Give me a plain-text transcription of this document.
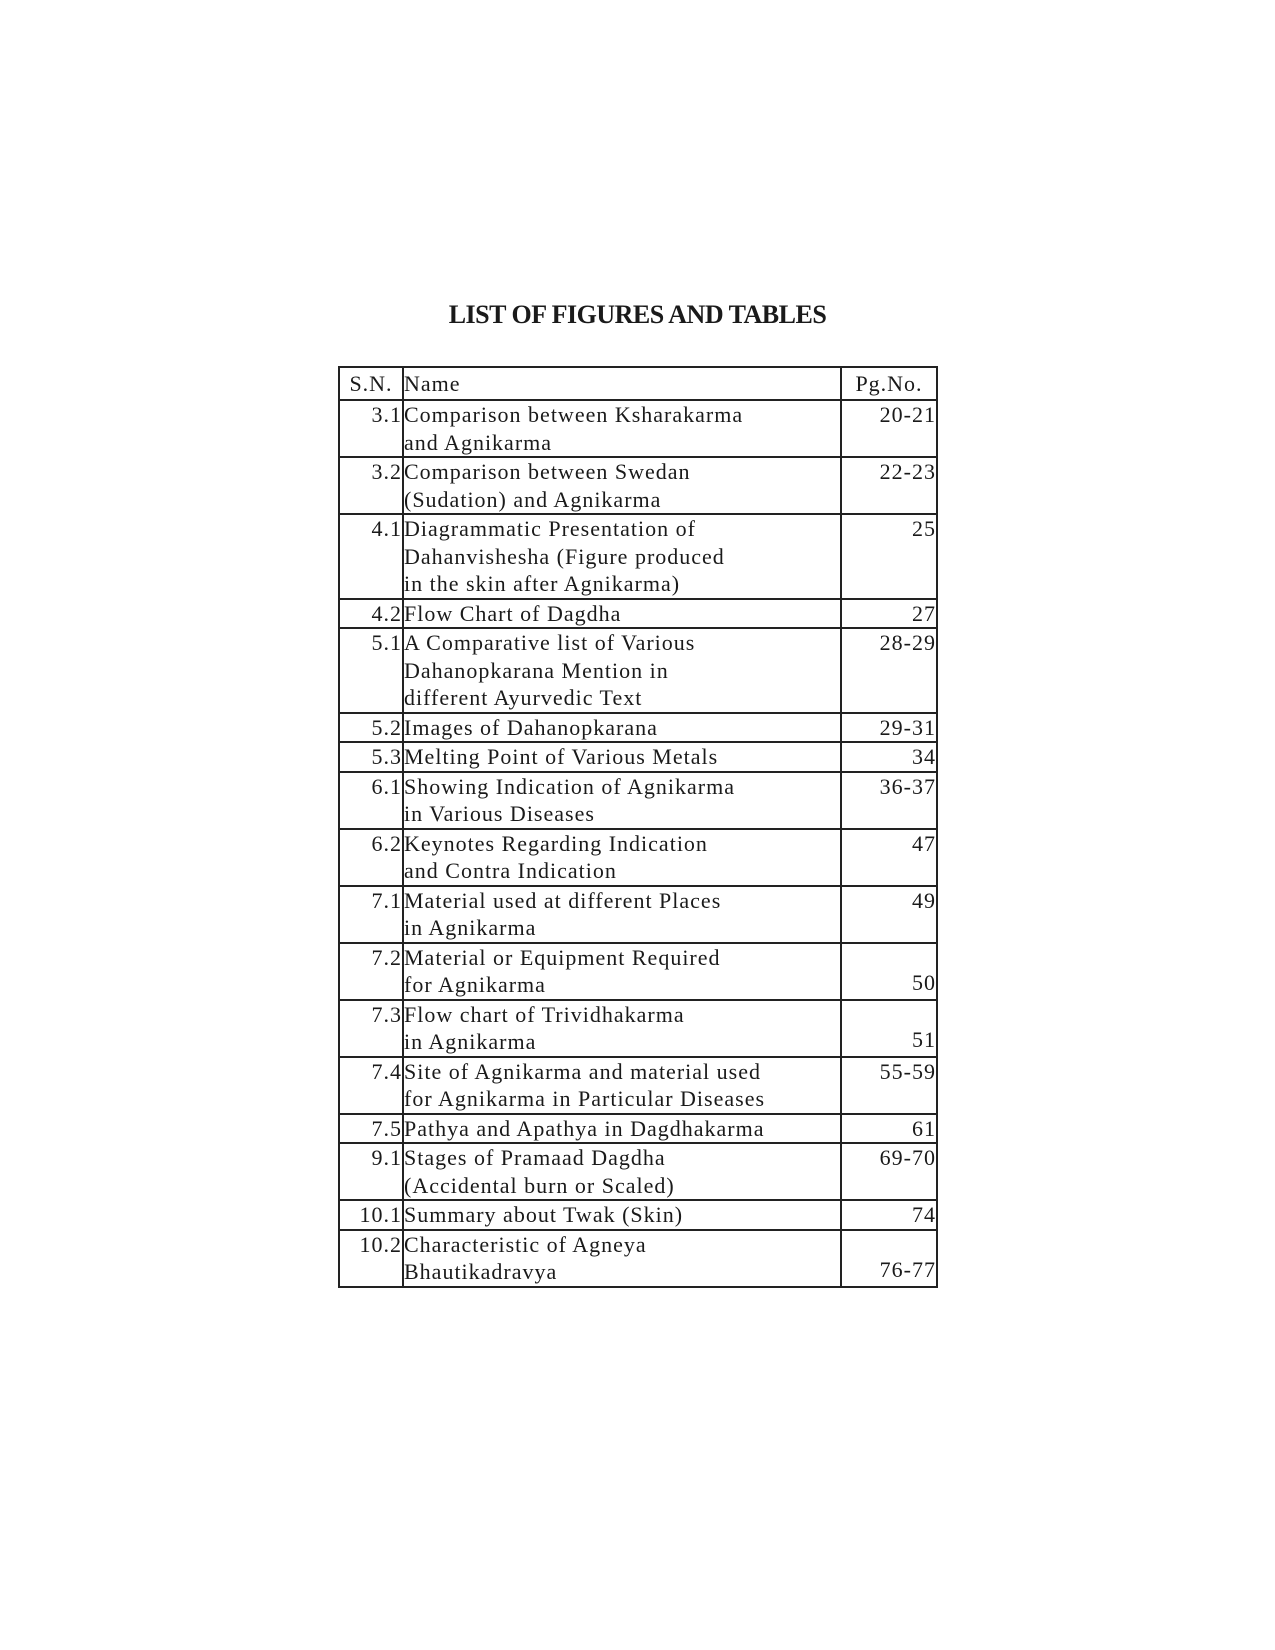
LIST OF FIGURES AND TABLES
S.N.	Name	Pg.No.
3.1	Comparison between Ksharakarma
and Agnikarma	20-21
3.2	Comparison between Swedan
(Sudation) and Agnikarma	22-23
4.1	Diagrammatic Presentation of
Dahanvishesha (Figure produced
in the skin after Agnikarma)	25
4.2	Flow Chart of Dagdha	27
5.1	A Comparative list of Various
Dahanopkarana Mention in
different Ayurvedic Text	28-29
5.2	Images of Dahanopkarana	29-31
5.3	Melting Point of Various Metals	34
6.1	Showing Indication of Agnikarma
in Various Diseases	36-37
6.2	Keynotes Regarding Indication
and Contra Indication	47
7.1	Material used at different Places
in Agnikarma	49
7.2	Material or Equipment Required
for Agnikarma	50
7.3	Flow chart of Trividhakarma
in Agnikarma	51
7.4	Site of Agnikarma and material used
for Agnikarma in Particular Diseases	55-59
7.5	Pathya and Apathya in Dagdhakarma	61
9.1	Stages of Pramaad Dagdha
(Accidental burn or Scaled)	69-70
10.1	Summary about Twak (Skin)	74
10.2	Characteristic of Agneya
Bhautikadravya	76-77
